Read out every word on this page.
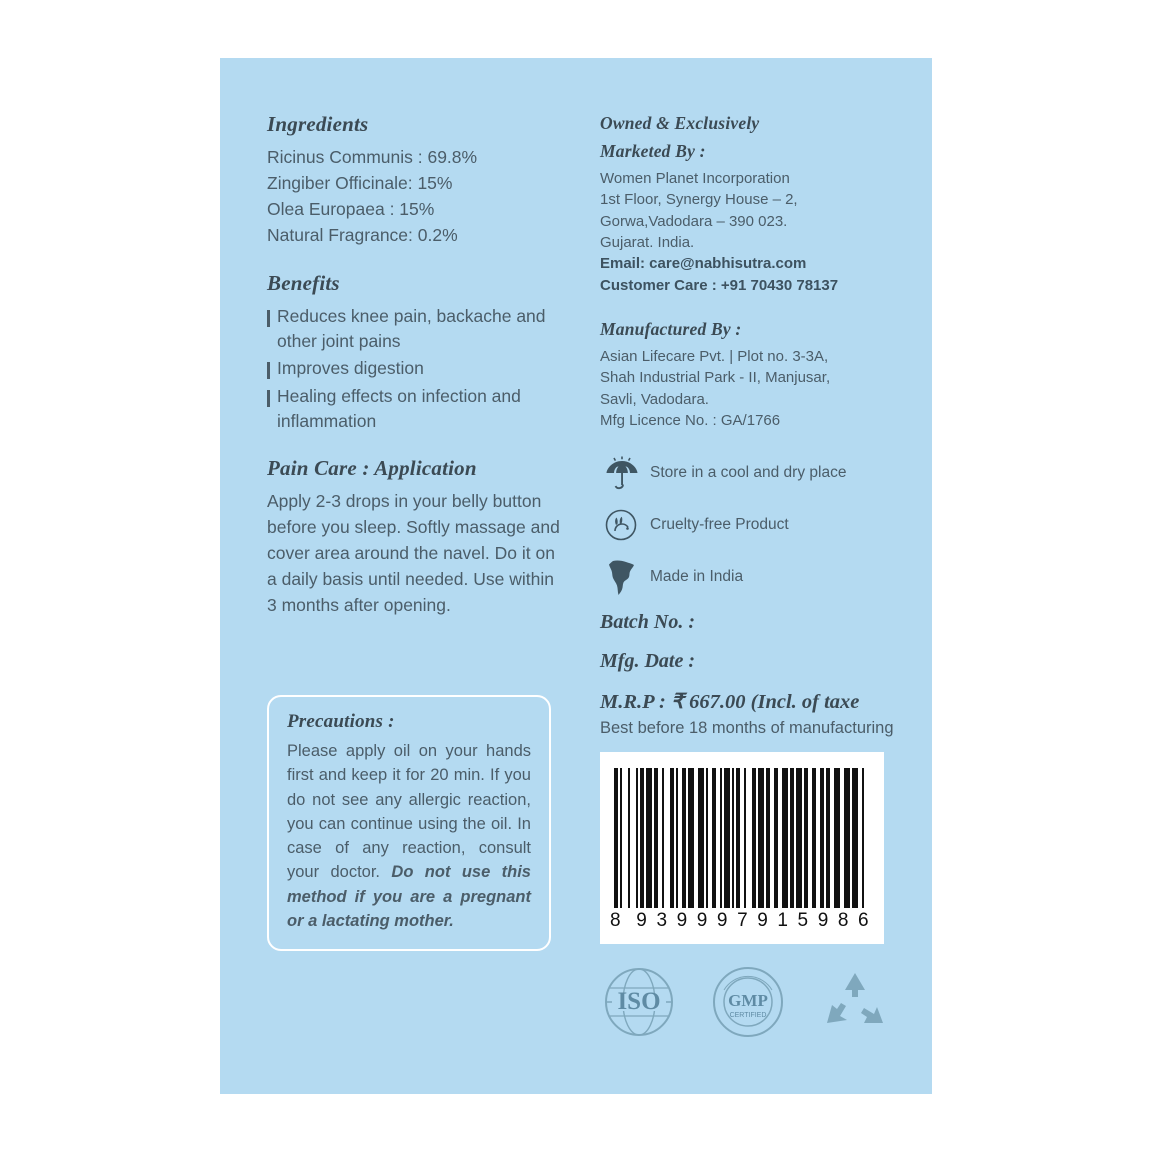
Ingredients

Ricinus Communis : 69.8%

Zingiber Officinale: 15%

Olea Europaea : 15%

Natural Fragrance: 0.2%

Benefits
Reduces knee pain, backache and other joint pains
Improves digestion
Healing effects on infection and inflammation
Pain Care : Application

Apply 2-3 drops in your belly button before you sleep. Softly massage and cover area around the navel. Do it on a daily basis until needed. Use within 3 months after opening.

Precautions :

Please apply oil on your hands first and keep it for 20 min. If you do not see any allergic reaction, you can continue using the oil. In case of any reaction, consult your doctor. Do not use this method if you are a pregnant or a lactating mother.

Owned & Exclusively
Marketed By :

Women Planet Incorporation

1st Floor, Synergy House – 2,

Gorwa,Vadodara – 390 023.

Gujarat. India.

Email: care@nabhisutra.com

Customer Care : +91 70430 78137

Manufactured By :

Asian Lifecare Pvt. | Plot no. 3-3A,

Shah Industrial Park - II, Manjusar,

Savli, Vadodara.

Mfg Licence No. : GA/1766

Store in a cool and dry place
Cruelty-free Product
Made in India
Batch No. :
Mfg. Date :
M.R.P : ₹ 667.00 (Incl. of taxe
Best before 18 months of manufacturing
8 9 3 9 9 9 7 9 1 5 9 8 6
ISO	GMP
CERTIFIED
